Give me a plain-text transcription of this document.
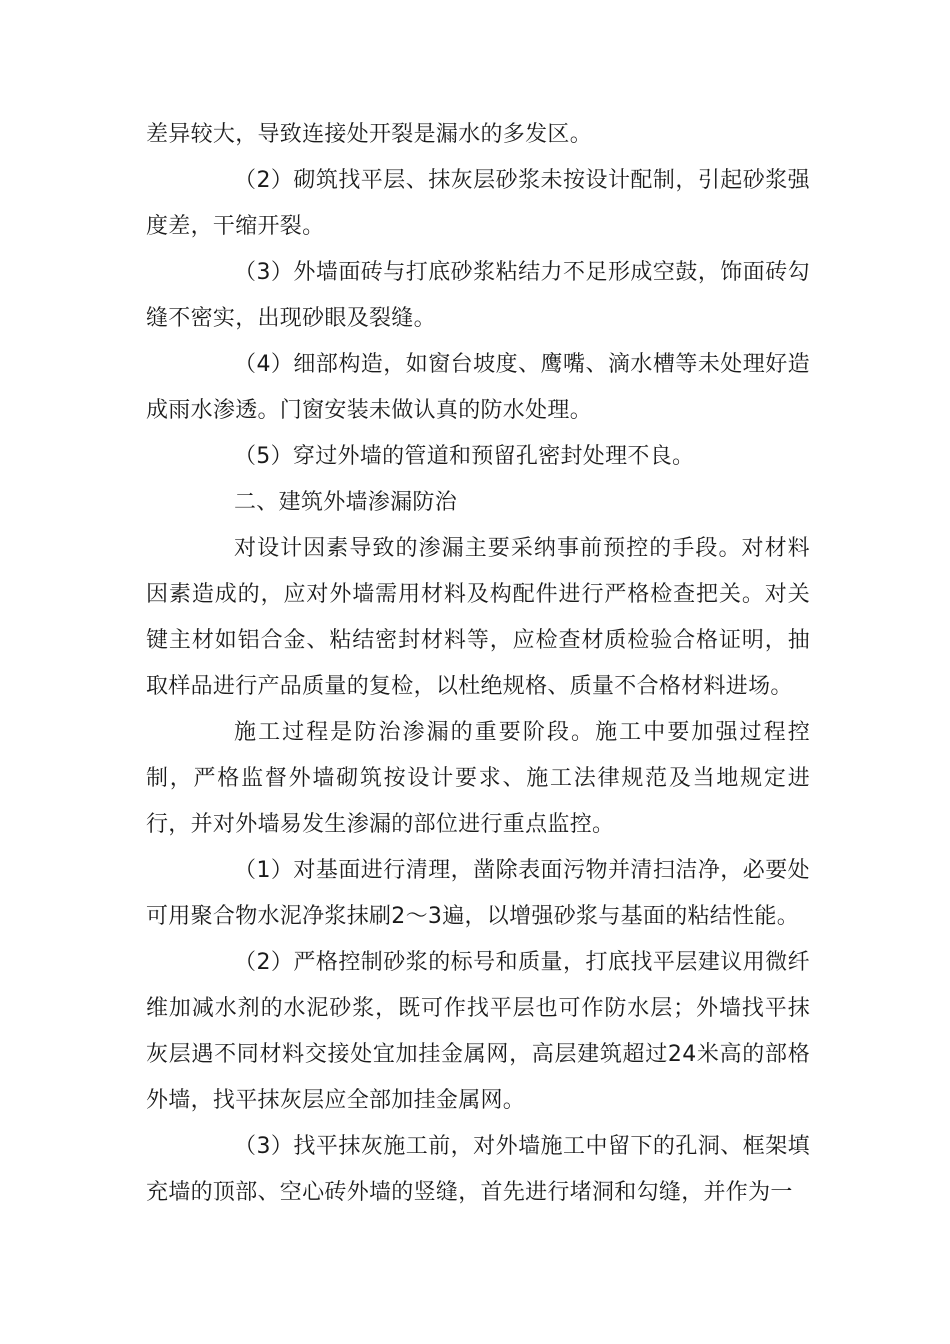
差异较大，导致连接处开裂是漏水的多发区。

（2）砌筑找平层、抹灰层砂浆未按设计配制，引起砂浆强度差，干缩开裂。

（3）外墙面砖与打底砂浆粘结力不足形成空鼓，饰面砖勾缝不密实，出现砂眼及裂缝。

（4）细部构造，如窗台坡度、鹰嘴、滴水槽等未处理好造成雨水渗透。门窗安装未做认真的防水处理。

（5）穿过外墙的管道和预留孔密封处理不良。

二、建筑外墙渗漏防治

对设计因素导致的渗漏主要采纳事前预控的手段。对材料因素造成的，应对外墙需用材料及构配件进行严格检查把关。对关键主材如铝合金、粘结密封材料等，应检查材质检验合格证明，抽取样品进行产品质量的复检，以杜绝规格、质量不合格材料进场。

施工过程是防治渗漏的重要阶段。施工中要加强过程控制，严格监督外墙砌筑按设计要求、施工法律规范及当地规定进行，并对外墙易发生渗漏的部位进行重点监控。

（1）对基面进行清理，凿除表面污物并清扫洁净，必要处可用聚合物水泥净浆抹刷2～3遍，以增强砂浆与基面的粘结性能。

（2）严格控制砂浆的标号和质量，打底找平层建议用微纤维加减水剂的水泥砂浆，既可作找平层也可作防水层；外墙找平抹灰层遇不同材料交接处宜加挂金属网，高层建筑超过24米高的部格外墙，找平抹灰层应全部加挂金属网。

（3）找平抹灰施工前，对外墙施工中留下的孔洞、框架填充墙的顶部、空心砖外墙的竖缝，首先进行堵洞和勾缝，并作为一
